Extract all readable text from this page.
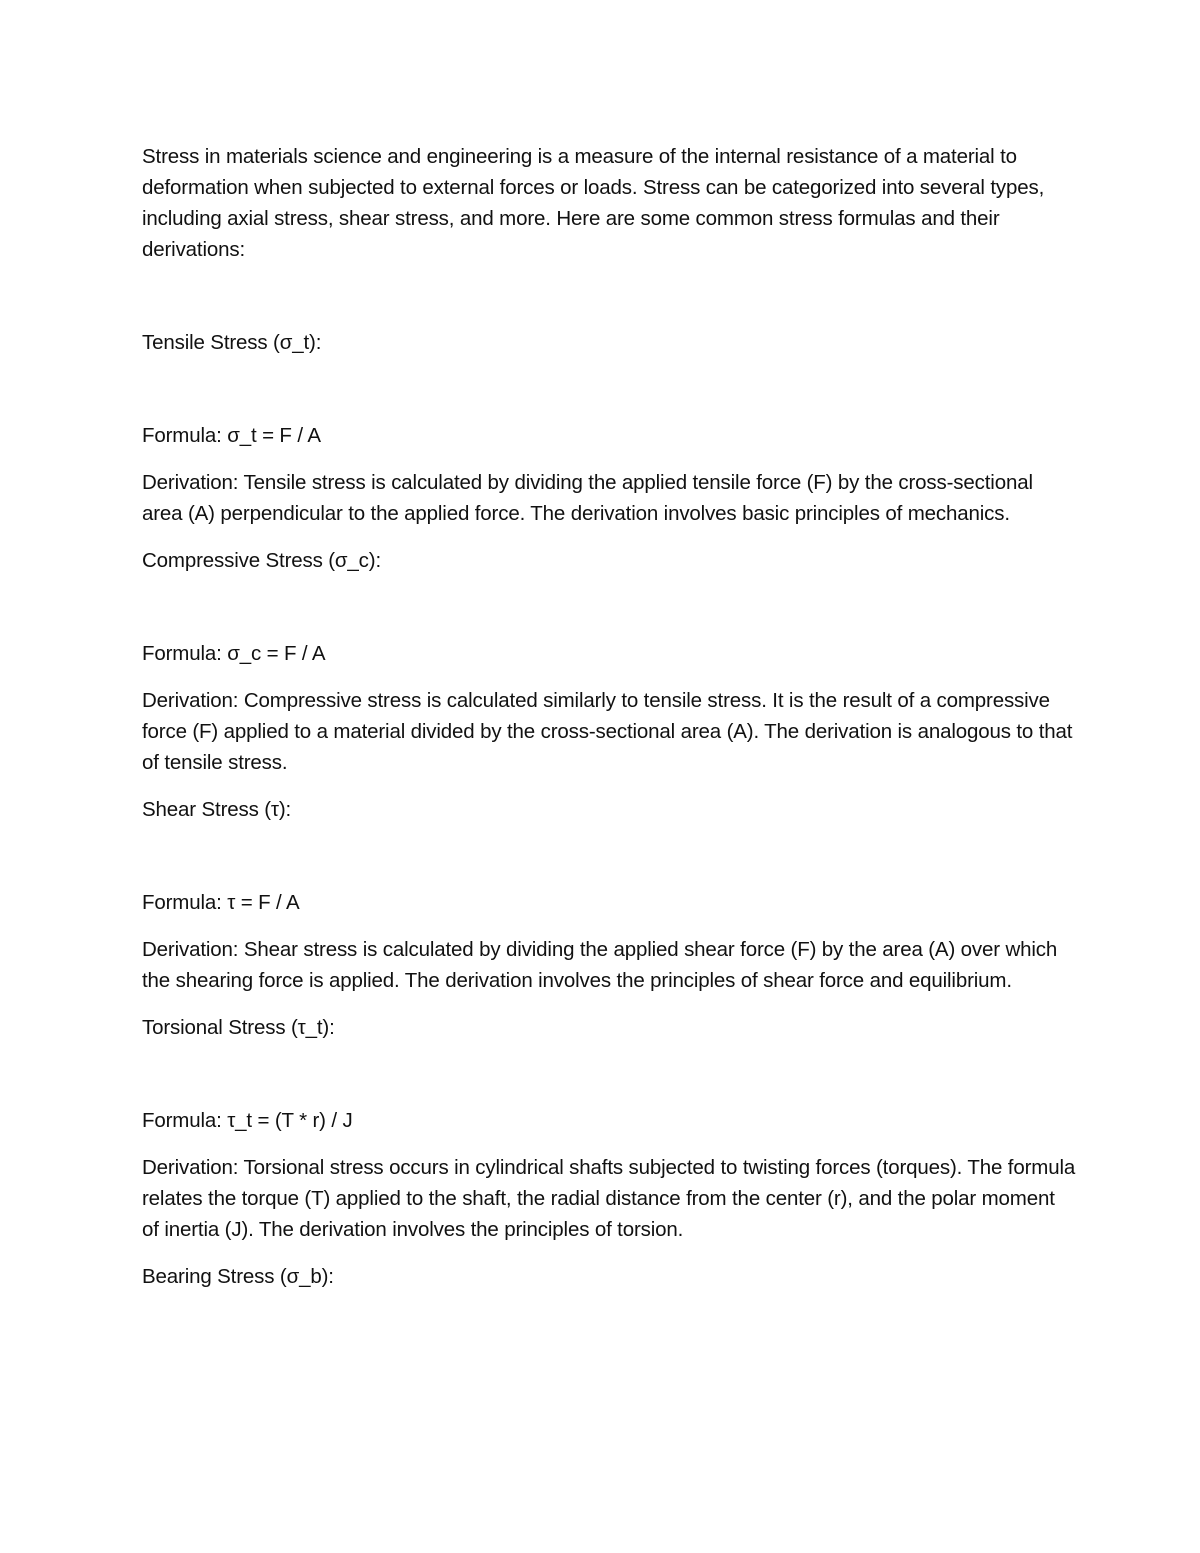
Stress in materials science and engineering is a measure of the internal resistance of a material to deformation when subjected to external forces or loads. Stress can be categorized into several types, including axial stress, shear stress, and more. Here are some common stress formulas and their derivations:

Tensile Stress (σ_t):

Formula: σ_t = F / A

Derivation: Tensile stress is calculated by dividing the applied tensile force (F) by the cross-sectional area (A) perpendicular to the applied force. The derivation involves basic principles of mechanics.

Compressive Stress (σ_c):

Formula: σ_c = F / A

Derivation: Compressive stress is calculated similarly to tensile stress. It is the result of a compressive force (F) applied to a material divided by the cross-sectional area (A). The derivation is analogous to that of tensile stress.

Shear Stress (τ):

Formula: τ = F / A

Derivation: Shear stress is calculated by dividing the applied shear force (F) by the area (A) over which the shearing force is applied. The derivation involves the principles of shear force and equilibrium.

Torsional Stress (τ_t):

Formula: τ_t = (T * r) / J

Derivation: Torsional stress occurs in cylindrical shafts subjected to twisting forces (torques). The formula relates the torque (T) applied to the shaft, the radial distance from the center (r), and the polar moment of inertia (J). The derivation involves the principles of torsion.

Bearing Stress (σ_b):
